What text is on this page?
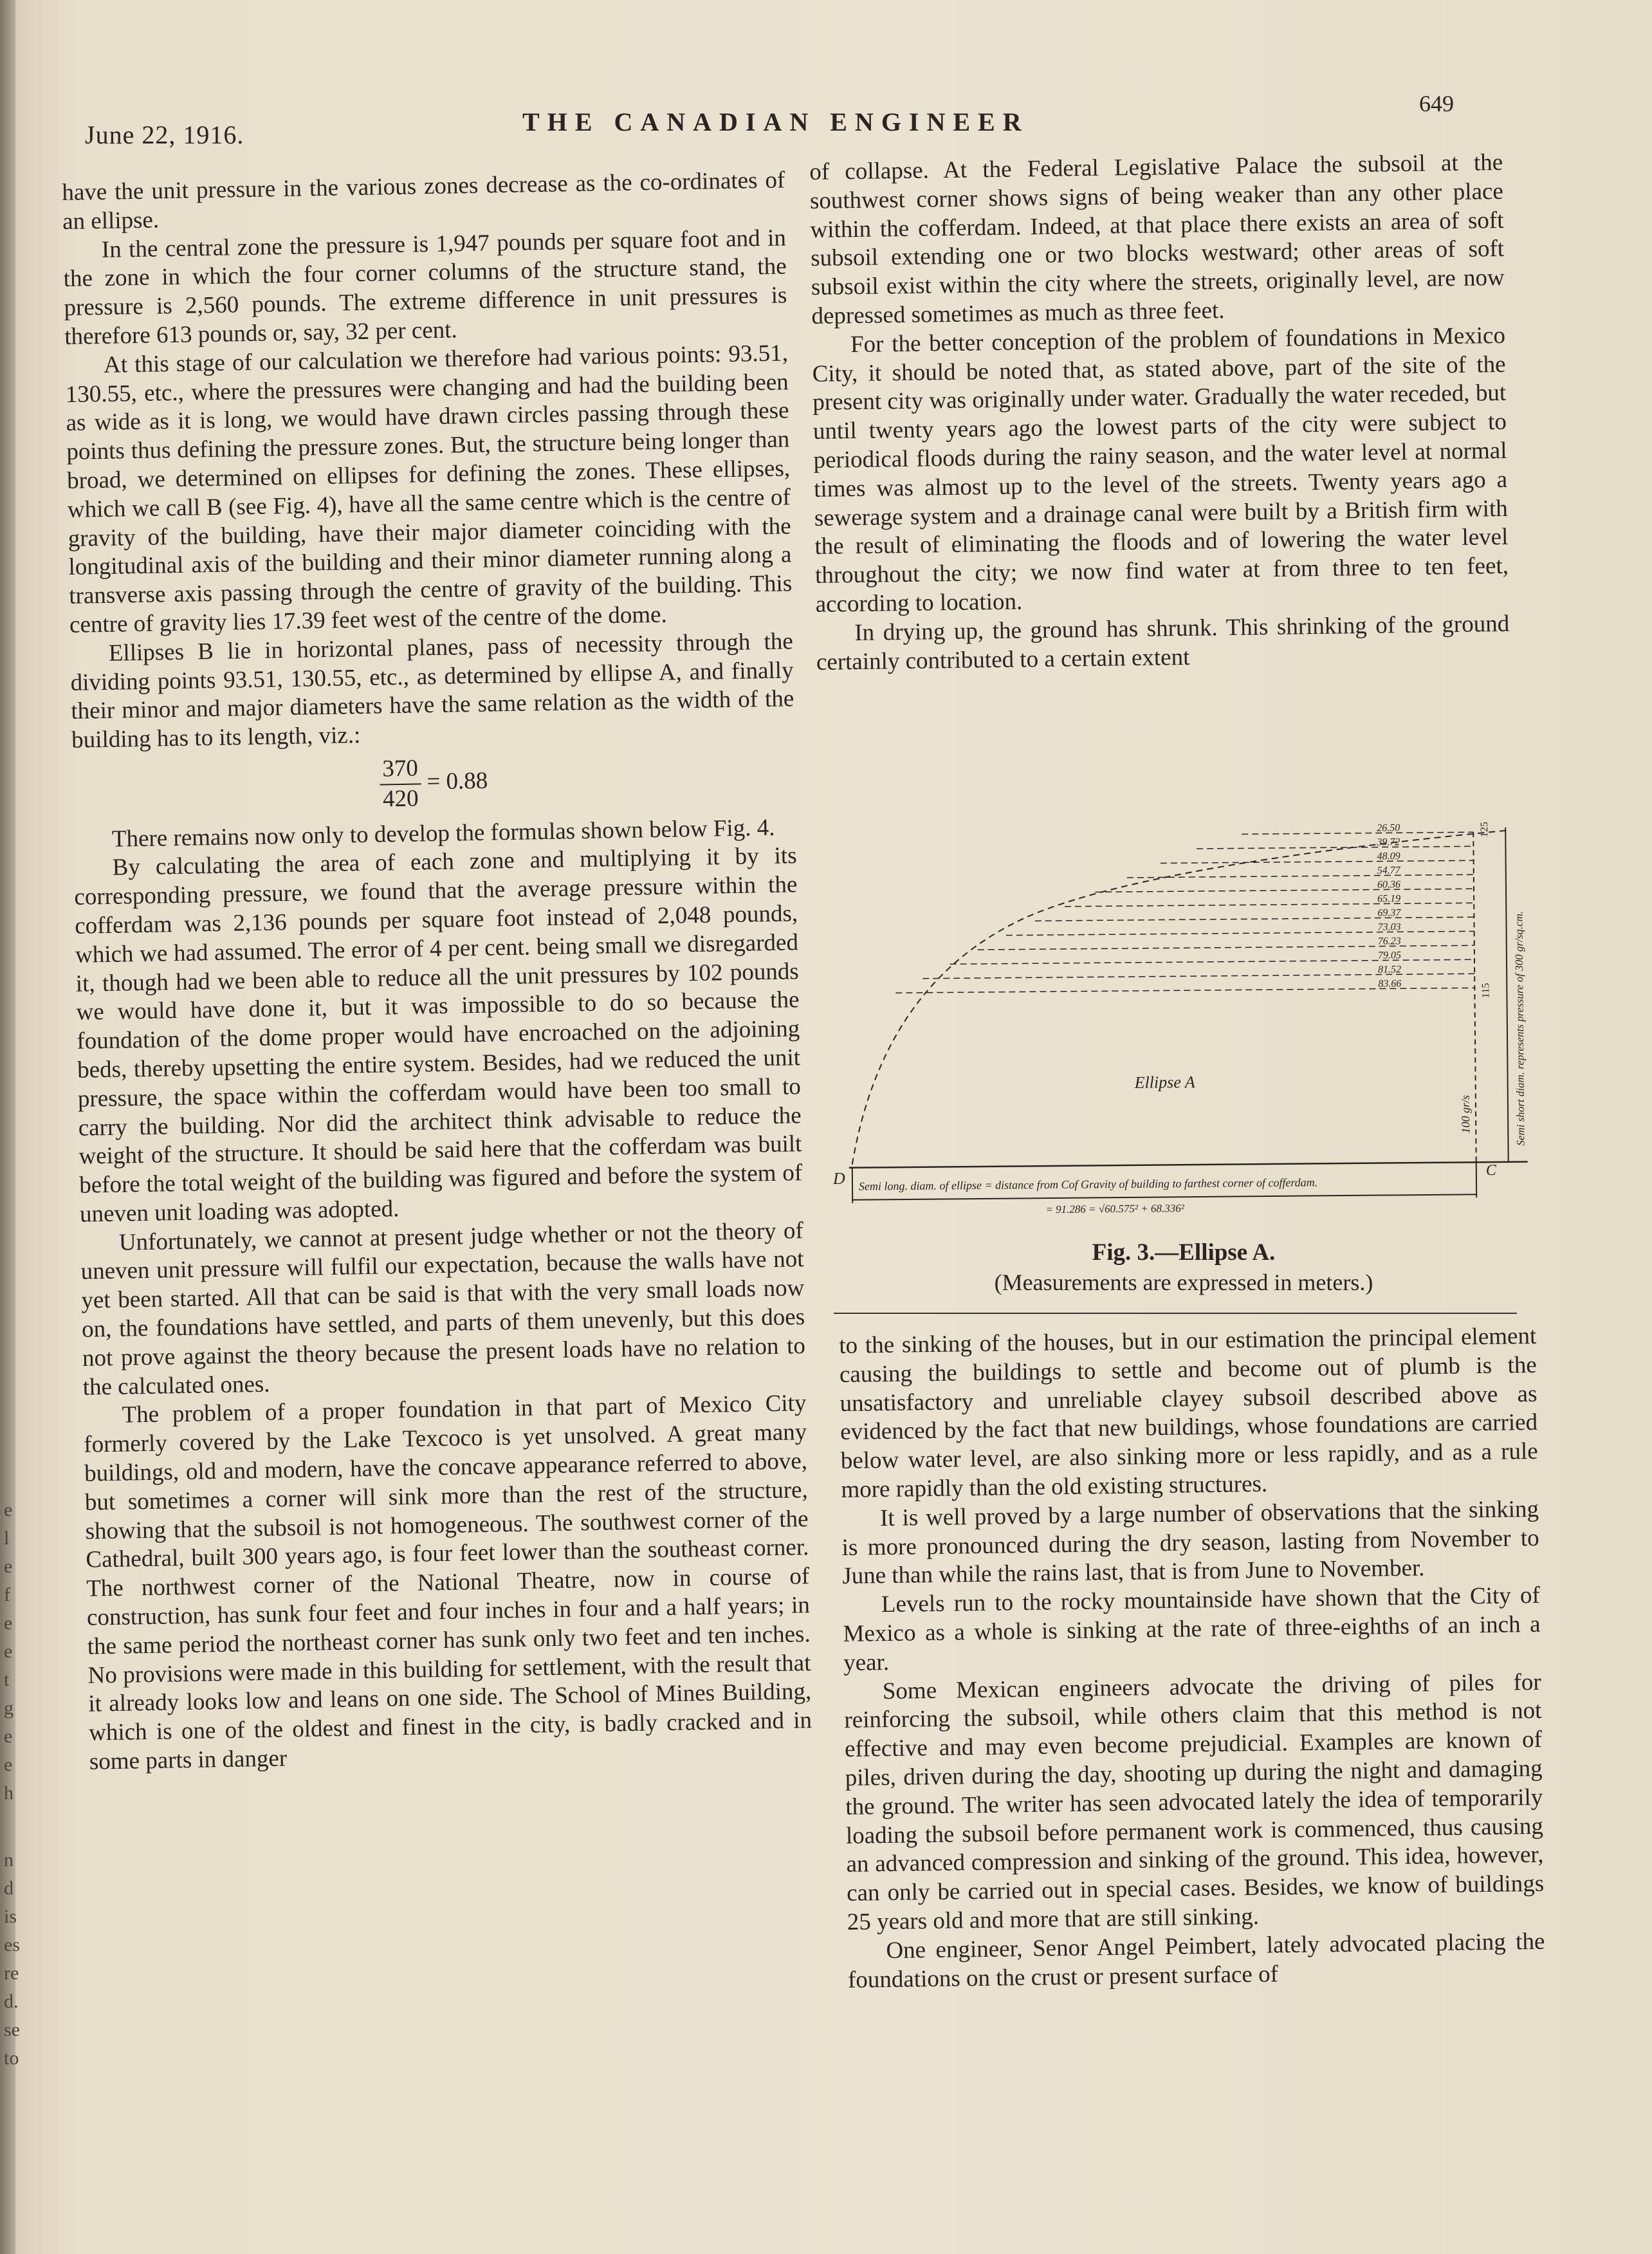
e
l
e
f
e
e
t
g
e
e
h
n
d
is
es
re
d.
se
to
June 22, 1916.	THE CANADIAN ENGINEER
649

have the unit pressure in the various zones decrease as the co-ordinates of an ellipse.

In the central zone the pressure is 1,947 pounds per square foot and in the zone in which the four corner columns of the structure stand, the pressure is 2,560 pounds. The extreme difference in unit pressures is therefore 613 pounds or, say, 32 per cent.

At this stage of our calculation we therefore had various points: 93.51, 130.55, etc., where the pressures were changing and had the building been as wide as it is long, we would have drawn circles passing through these points thus defining the pressure zones. But, the structure being longer than broad, we determined on ellipses for defining the zones. These ellipses, which we call B (see Fig. 4), have all the same centre which is the centre of gravity of the building, have their major diameter coinciding with the longitudinal axis of the building and their minor diameter running along a transverse axis passing through the centre of gravity of the building. This centre of gravity lies 17.39 feet west of the centre of the dome.

Ellipses B lie in horizontal planes, pass of necessity through the dividing points 93.51, 130.55, etc., as determined by ellipse A, and finally their minor and major diameters have the same relation as the width of the building has to its length, viz.:

$\frac{370}{420} = 0.88$

There remains now only to develop the formulas shown below Fig. 4.

By calculating the area of each zone and multiplying it by its corresponding pressure, we found that the average pressure within the cofferdam was 2,136 pounds per square foot instead of 2,048 pounds, which we had assumed. The error of 4 per cent. being small we disregarded it, though had we been able to reduce all the unit pressures by 102 pounds we would have done it, but it was impossible to do so because the foundation of the dome proper would have encroached on the adjoining beds, thereby upsetting the entire system. Besides, had we reduced the unit pressure, the space within the cofferdam would have been too small to carry the building. Nor did the architect think advisable to reduce the weight of the structure. It should be said here that the cofferdam was built before the total weight of the building was figured and before the system of uneven unit loading was adopted.

Unfortunately, we cannot at present judge whether or not the theory of uneven unit pressure will fulfil our expectation, because the walls have not yet been started. All that can be said is that with the very small loads now on, the foundations have settled, and parts of them unevenly, but this does not prove against the theory because the present loads have no relation to the calculated ones.

The problem of a proper foundation in that part of Mexico City formerly covered by the Lake Texcoco is yet unsolved. A great many buildings, old and modern, have the concave appearance referred to above, but sometimes a corner will sink more than the rest of the structure, showing that the subsoil is not homogeneous. The southwest corner of the Cathedral, built 300 years ago, is four feet lower than the southeast corner. The northwest corner of the National Theatre, now in course of construction, has sunk four feet and four inches in four and a half years; in the same period the northeast corner has sunk only two feet and ten inches. No provisions were made in this building for settlement, with the result that it already looks low and leans on one side. The School of Mines Building, which is one of the oldest and finest in the city, is badly cracked and in some parts in danger

of collapse. At the Federal Legislative Palace the subsoil at the southwest corner shows signs of being weaker than any other place within the cofferdam. Indeed, at that place there exists an area of soft subsoil extending one or two blocks westward; other areas of soft subsoil exist within the city where the streets, originally level, are now depressed sometimes as much as three feet.

For the better conception of the problem of foundations in Mexico City, it should be noted that, as stated above, part of the site of the present city was originally under water. Gradually the water receded, but until twenty years ago the lowest parts of the city were subject to periodical floods during the rainy season, and the water level at normal times was almost up to the level of the streets. Twenty years ago a sewerage system and a drainage canal were built by a British firm with the result of eliminating the floods and of lowering the water level throughout the city; we now find water at from three to ten feet, according to location.

In drying up, the ground has shrunk. This shrinking of the ground certainly contributed to a certain extent

26.50
39.72
48.09
54.77
60.36
65.19
69.37
73.03
76.23
79.05
81.52
83.66
Ellipse A
D	C
Semi long. diam. of ellipse = distance from Cof Gravity of building to farthest corner of cofferdam.
= 91.286 = √60.575² + 68.336²
100 gr/s	Semi short diam. represents pressure of 300 gr/sq.cm.
125
115
Fig. 3.—Ellipse A.
(Measurements are expressed in meters.)

to the sinking of the houses, but in our estimation the principal element causing the buildings to settle and become out of plumb is the unsatisfactory and unreliable clayey subsoil described above as evidenced by the fact that new buildings, whose foundations are carried below water level, are also sinking more or less rapidly, and as a rule more rapidly than the old existing structures.

It is well proved by a large number of observations that the sinking is more pronounced during the dry season, lasting from November to June than while the rains last, that is from June to November.

Levels run to the rocky mountainside have shown that the City of Mexico as a whole is sinking at the rate of three-eighths of an inch a year.

Some Mexican engineers advocate the driving of piles for reinforcing the subsoil, while others claim that this method is not effective and may even become prejudicial. Examples are known of piles, driven during the day, shooting up during the night and damaging the ground. The writer has seen advocated lately the idea of temporarily loading the subsoil before permanent work is commenced, thus causing an advanced compression and sinking of the ground. This idea, however, can only be carried out in special cases. Besides, we know of buildings 25 years old and more that are still sinking.

One engineer, Senor Angel Peimbert, lately advocated placing the foundations on the crust or present surface of
